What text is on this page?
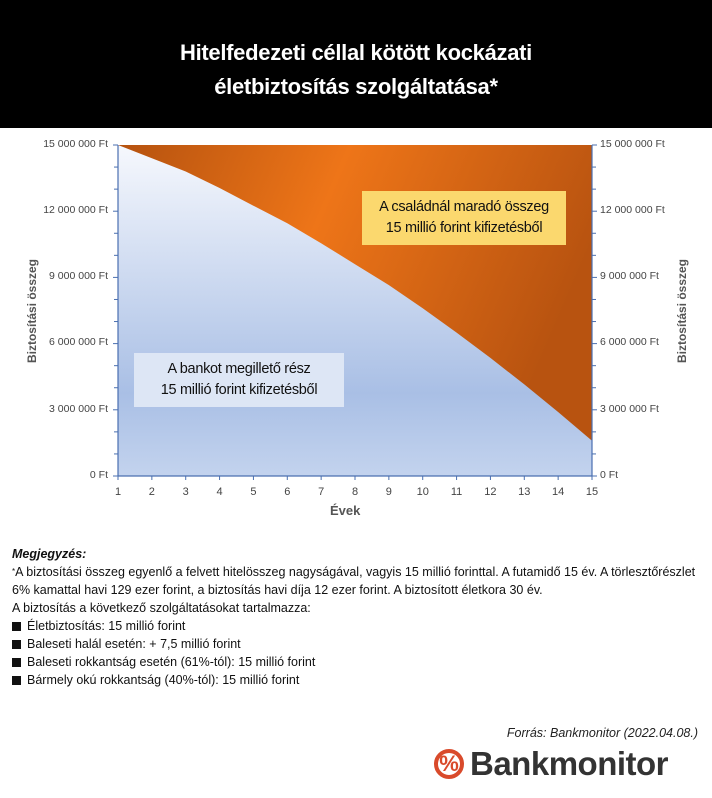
Hitelfedezeti céllal kötött kockázati
életbiztosítás szolgáltatása*
15 000 000 Ft
12 000 000 Ft
9 000 000 Ft
6 000 000 Ft
3 000 000 Ft
0 Ft
15 000 000 Ft
12 000 000 Ft
9 000 000 Ft
6 000 000 Ft
3 000 000 Ft
0 Ft
1	2	3	4	5	6	7	8	9	10	11	12	13	14	15
Biztosítási összeg	Biztosítási összeg
Évek
A családnál maradó összeg
15 millió forint kifizetésből
A bankot megillető rész
15 millió forint kifizetésből
Megjegyzés:
*A biztosítási összeg egyenlő a felvett hitelösszeg nagyságával, vagyis 15 millió forinttal. A futamidő 15 év. A törlesztőrészlet 6% kamattal havi 129 ezer forint, a biztosítás havi díja 12 ezer forint. A biztosított életkora 30 év.
A biztosítás a következő szolgáltatásokat tartalmazza:
Életbiztosítás: 15 millió forint
Baleseti halál esetén: + 7,5 millió forint
Baleseti rokkantság esetén (61%-tól): 15 millió forint
Bármely okú rokkantság (40%-tól): 15 millió forint
Forrás: Bankmonitor (2022.04.08.)
% Bankmonitor
